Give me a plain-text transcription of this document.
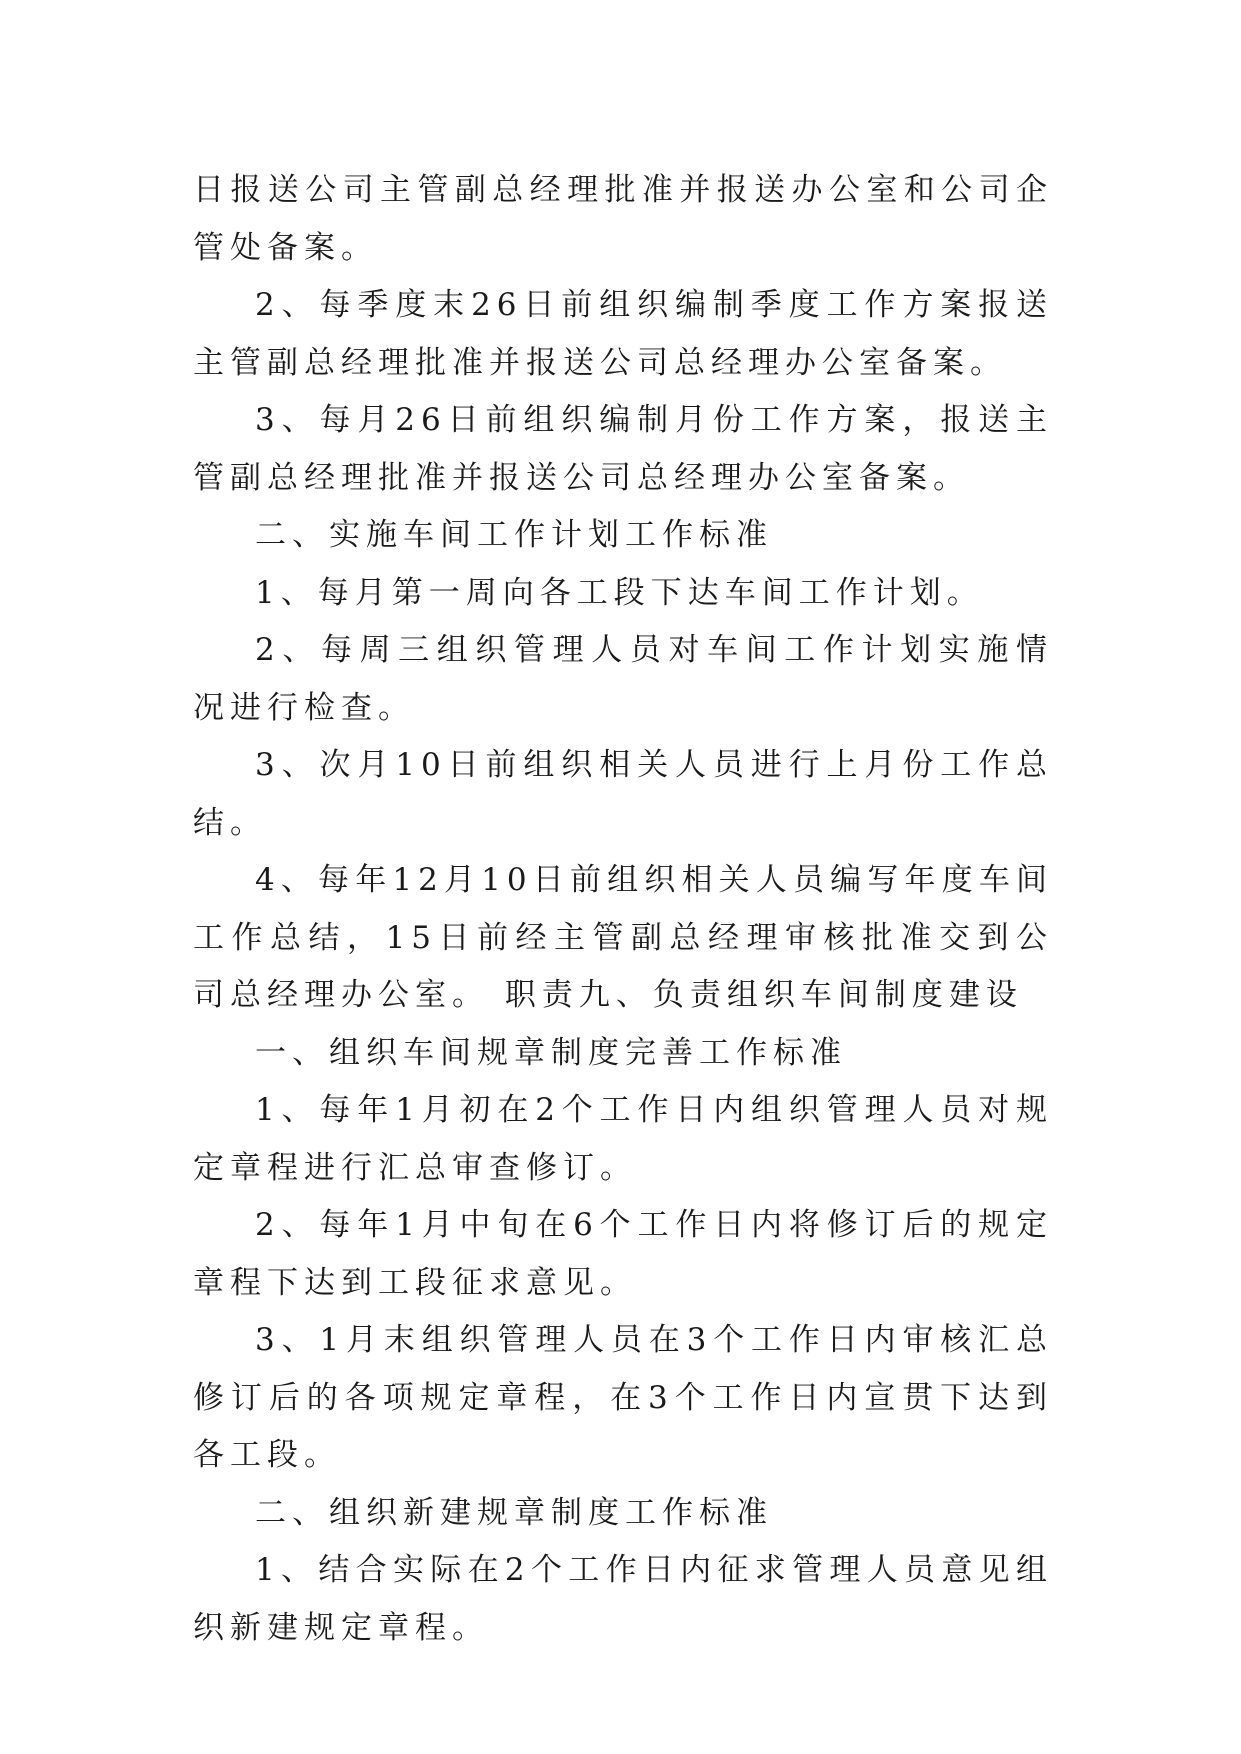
日报送公司主管副总经理批准并报送办公室和公司企管处备案。

2、每季度末26日前组织编制季度工作方案报送主管副总经理批准并报送公司总经理办公室备案。

3、每月26日前组织编制月份工作方案，报送主管副总经理批准并报送公司总经理办公室备案。

二、实施车间工作计划工作标准

1、每月第一周向各工段下达车间工作计划。

2、每周三组织管理人员对车间工作计划实施情况进行检查。

3、次月10日前组织相关人员进行上月份工作总结。

4、每年12月10日前组织相关人员编写年度车间工作总结，15日前经主管副总经理审核批准交到公司总经理办公室。 职责九、负责组织车间制度建设

一、组织车间规章制度完善工作标准

1、每年1月初在2个工作日内组织管理人员对规定章程进行汇总审查修订。

2、每年1月中旬在6个工作日内将修订后的规定章程下达到工段征求意见。

3、1月末组织管理人员在3个工作日内审核汇总修订后的各项规定章程，在3个工作日内宣贯下达到各工段。

二、组织新建规章制度工作标准

1、结合实际在2个工作日内征求管理人员意见组织新建规定章程。
